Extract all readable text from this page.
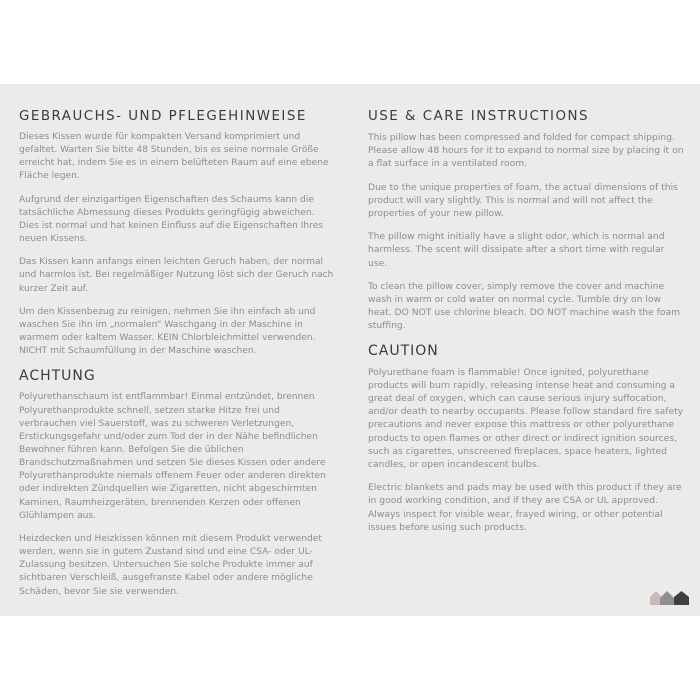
GEBRAUCHS- UND PFLEGEHINWEISE

Dieses Kissen wurde für kompakten Versand komprimiert und gefaltet. Warten Sie bitte 48 Stunden, bis es seine normale Größe erreicht hat, indem Sie es in einem belüfteten Raum auf eine ebene Fläche legen.

Aufgrund der einzigartigen Eigenschaften des Schaums kann die tatsächliche Abmessung dieses Produkts geringfügig abweichen. Dies ist normal und hat keinen Einfluss auf die Eigenschaften Ihres neuen Kissens.

Das Kissen kann anfangs einen leichten Geruch haben, der normal und harmlos ist. Bei regelmäßiger Nutzung löst sich der Geruch nach kurzer Zeit auf.

Um den Kissenbezug zu reinigen, nehmen Sie ihn einfach ab und waschen Sie ihn im „normalen“ Waschgang in der Maschine in warmem oder kaltem Wasser. KEIN Chlorbleichmittel verwenden. NICHT mit Schaumfüllung in der Maschine waschen.

ACHTUNG

Polyurethanschaum ist entflammbar! Einmal entzündet, brennen Polyurethanprodukte schnell, setzen starke Hitze frei und verbrauchen viel Sauerstoff, was zu schweren Verletzungen, Erstickungsgefahr und/oder zum Tod der in der Nähe befindlichen Bewohner führen kann. Befolgen Sie die üblichen Brandschutzmaßnahmen und setzen Sie dieses Kissen oder andere Polyurethanprodukte niemals offenem Feuer oder anderen direkten oder indirekten Zündquellen wie Zigaretten, nicht abgeschirmten Kaminen, Raumheizgeräten, brennenden Kerzen oder offenen Glühlampen aus.

Heizdecken und Heizkissen können mit diesem Produkt verwendet werden, wenn sie in gutem Zustand sind und eine CSA- oder UL-Zulassung besitzen. Untersuchen Sie solche Produkte immer auf sichtbaren Verschleiß, ausgefranste Kabel oder andere mögliche Schäden, bevor Sie sie verwenden.

USE & CARE INSTRUCTIONS

This pillow has been compressed and folded for compact shipping. Please allow 48 hours for it to expand to normal size by placing it on a flat surface in a ventilated room.

Due to the unique properties of foam, the actual dimensions of this product will vary slightly. This is normal and will not affect the properties of your new pillow.

The pillow might initially have a slight odor, which is normal and harmless. The scent will dissipate after a short time with regular use.

To clean the pillow cover, simply remove the cover and machine wash in warm or cold water on normal cycle. Tumble dry on low heat. DO NOT use chlorine bleach. DO NOT machine wash the foam stuffing.

CAUTION

Polyurethane foam is flammable! Once ignited, polyurethane products will burn rapidly, releasing intense heat and consuming a great deal of oxygen, which can cause serious injury suffocation, and/or death to nearby occupants. Please follow standard fire safety precautions and never expose this mattress or other polyurethane products to open flames or other direct or indirect ignition sources, such as cigarettes, unscreened fireplaces, space heaters, lighted candles, or open incandescent bulbs.

Electric blankets and pads may be used with this product if they are in good working condition, and if they are CSA or UL approved. Always inspect for visible wear, frayed wiring, or other potential issues before using such products.
